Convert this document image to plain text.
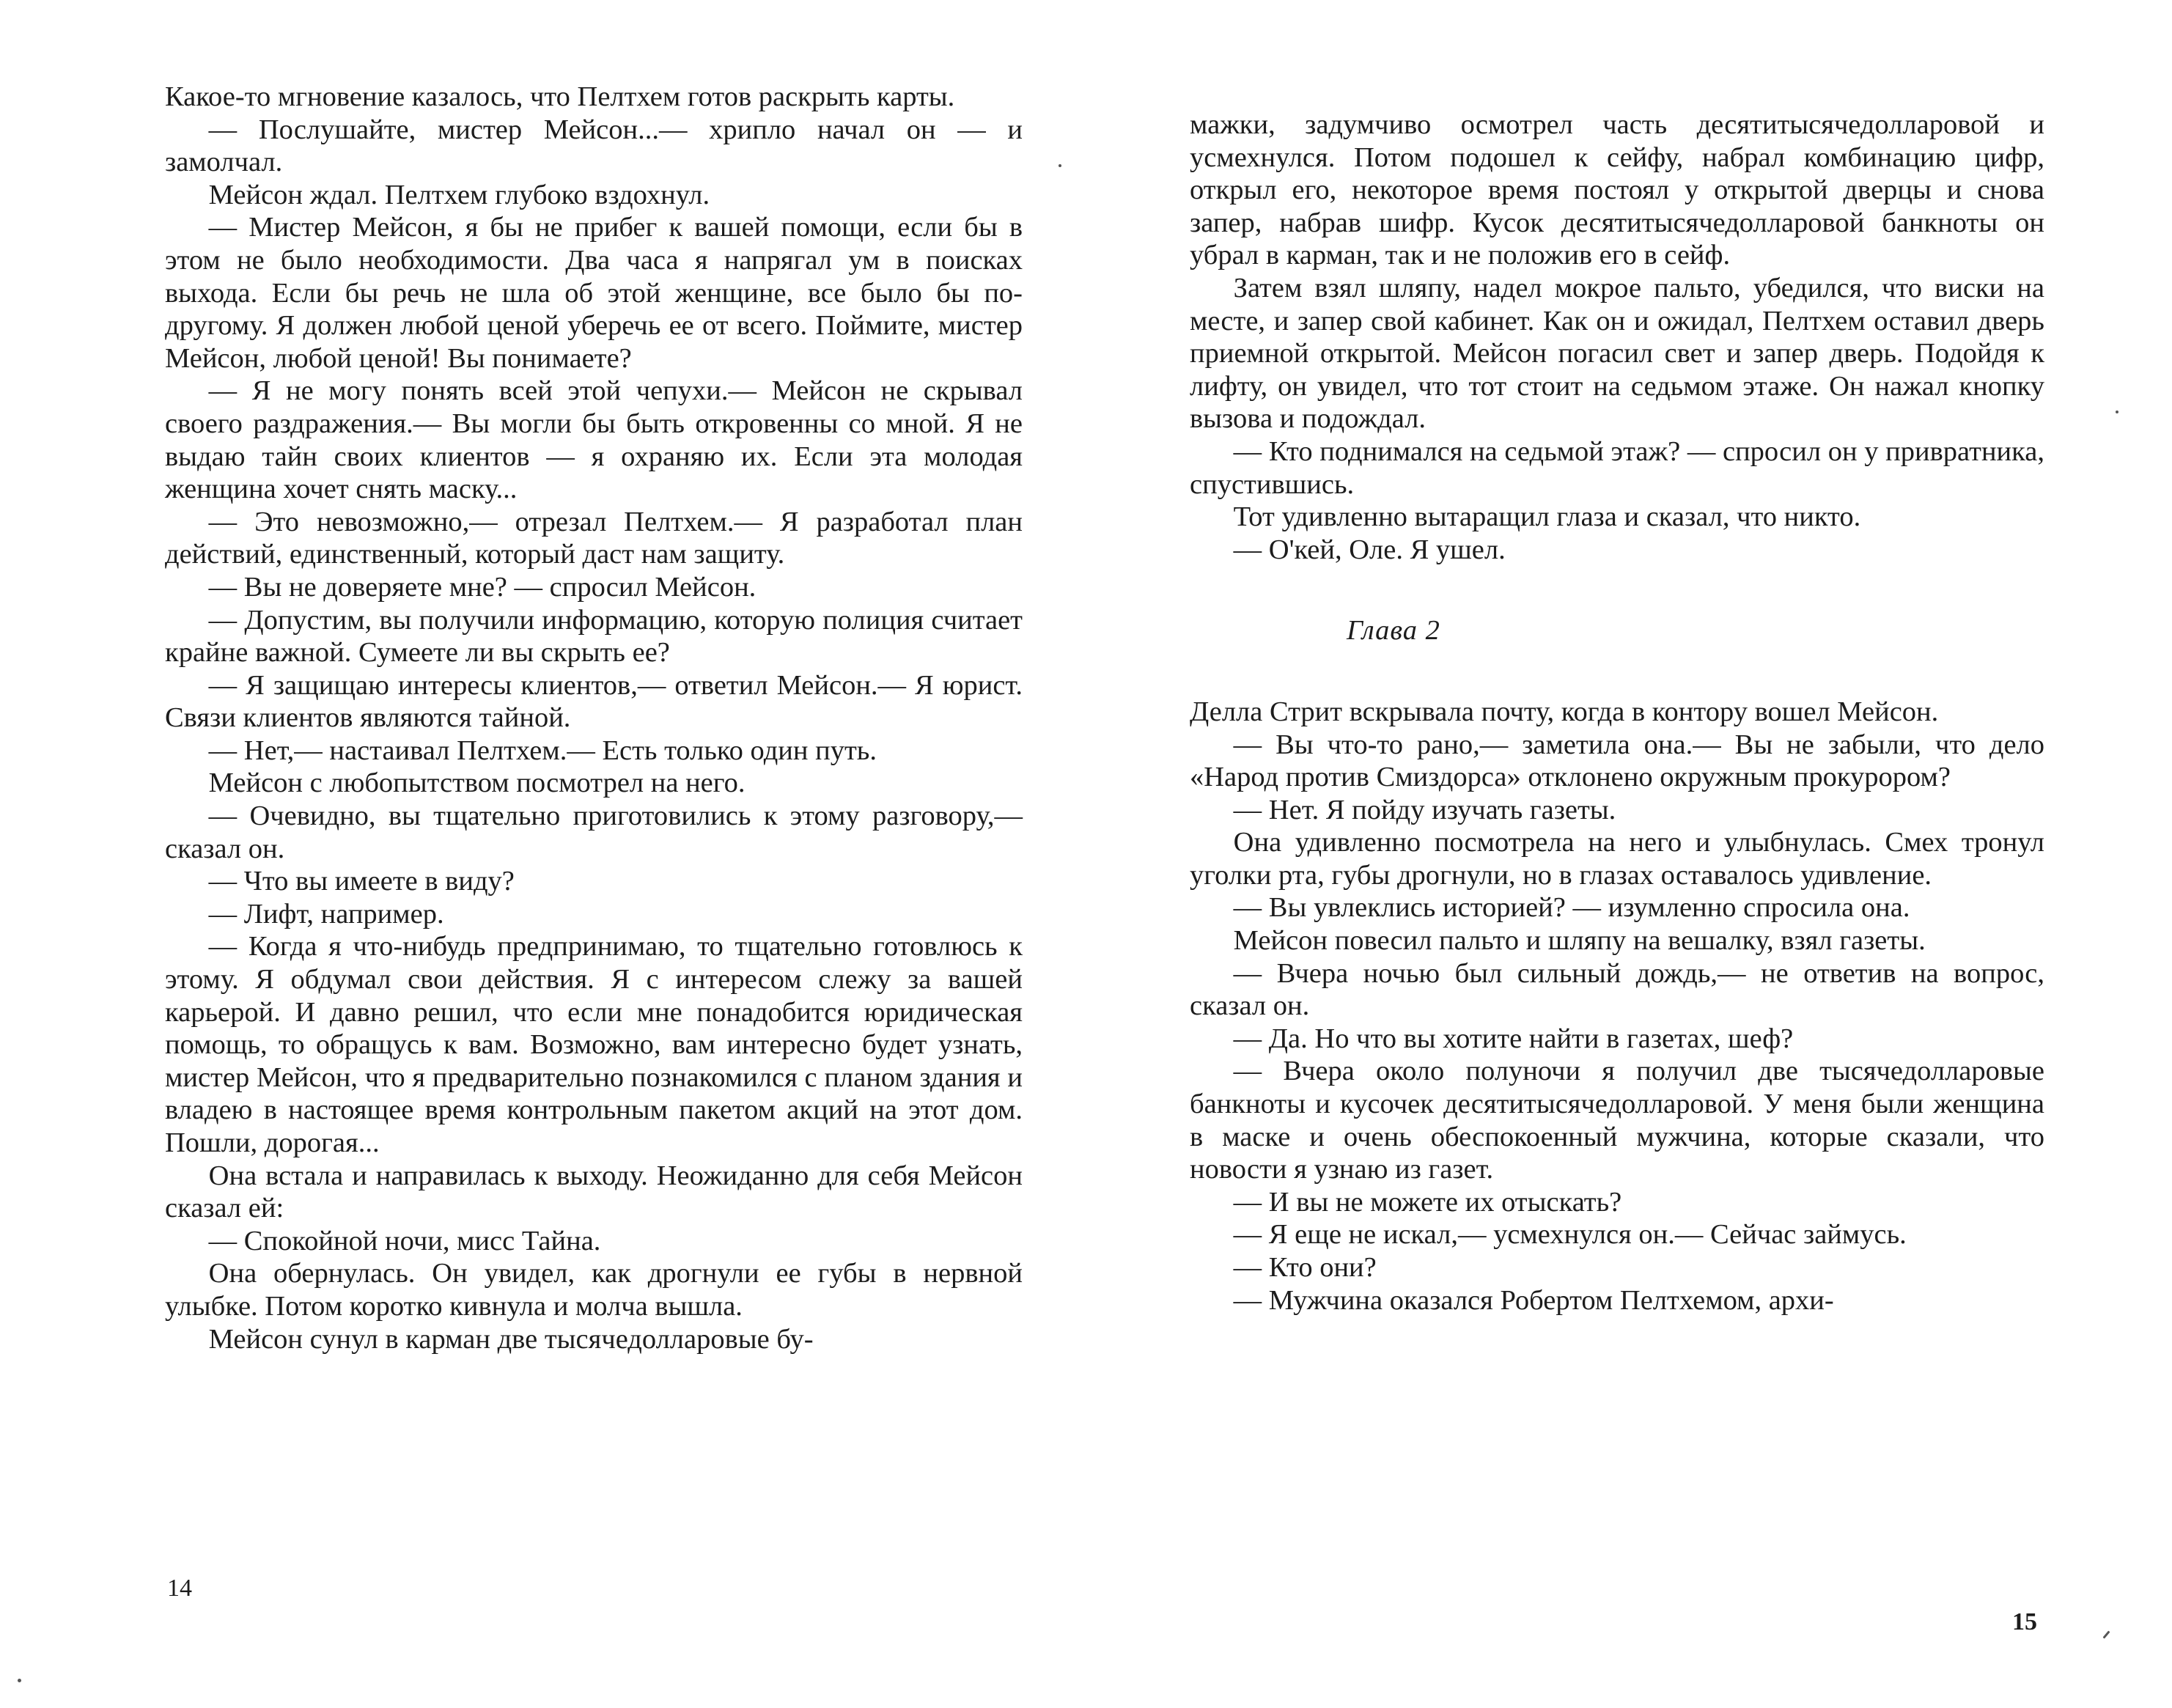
Какое-то мгновение казалось, что Пелтхем готов раскрыть карты.

— Послушайте, мистер Мейсон...— хрипло начал он — и замолчал.

Мейсон ждал. Пелтхем глубоко вздохнул.

— Мистер Мейсон, я бы не прибег к вашей помощи, если бы в этом не было необходимости. Два часа я напрягал ум в поисках выхода. Если бы речь не шла об этой женщине, все было бы по-другому. Я должен любой ценой уберечь ее от всего. Поймите, мистер Мейсон, любой ценой! Вы понимаете?

— Я не могу понять всей этой чепухи.— Мейсон не скрывал своего раздражения.— Вы могли бы быть откровенны со мной. Я не выдаю тайн своих клиентов — я охраняю их. Если эта молодая женщина хочет снять маску...

— Это невозможно,— отрезал Пелтхем.— Я разработал план действий, единственный, который даст нам защиту.

— Вы не доверяете мне? — спросил Мейсон.

— Допустим, вы получили информацию, которую полиция считает крайне важной. Сумеете ли вы скрыть ее?

— Я защищаю интересы клиентов,— ответил Мейсон.— Я юрист. Связи клиентов являются тайной.

— Нет,— настаивал Пелтхем.— Есть только один путь.

Мейсон с любопытством посмотрел на него.

— Очевидно, вы тщательно приготовились к этому разговору,— сказал он.

— Что вы имеете в виду?

— Лифт, например.

— Когда я что-нибудь предпринимаю, то тщательно готовлюсь к этому. Я обдумал свои действия. Я с интересом слежу за вашей карьерой. И давно решил, что если мне понадобится юридическая помощь, то обращусь к вам. Возможно, вам интересно будет узнать, мистер Мейсон, что я предварительно познакомился с планом здания и владею в настоящее время контрольным пакетом акций на этот дом. Пошли, дорогая...

Она встала и направилась к выходу. Неожиданно для себя Мейсон сказал ей:

— Спокойной ночи, мисс Тайна.

Она обернулась. Он увидел, как дрогнули ее губы в нервной улыбке. Потом коротко кивнула и молча вышла.

Мейсон сунул в карман две тысячедолларовые бу-

14

мажки, задумчиво осмотрел часть десятитысячедолларовой и усмехнулся. Потом подошел к сейфу, набрал комбинацию цифр, открыл его, некоторое время постоял у открытой дверцы и снова запер, набрав шифр. Кусок десятитысячедолларовой банкноты он убрал в карман, так и не положив его в сейф.

Затем взял шляпу, надел мокрое пальто, убедился, что виски на месте, и запер свой кабинет. Как он и ожидал, Пелтхем оставил дверь приемной открытой. Мейсон погасил свет и запер дверь. Подойдя к лифту, он увидел, что тот стоит на седьмом этаже. Он нажал кнопку вызова и подождал.

— Кто поднимался на седьмой этаж? — спросил он у привратника, спустившись.

Тот удивленно вытаращил глаза и сказал, что никто.

— О'кей, Оле. Я ушел.

Глава 2

Делла Стрит вскрывала почту, когда в контору вошел Мейсон.

— Вы что-то рано,— заметила она.— Вы не забыли, что дело «Народ против Смиздорса» отклонено окружным прокурором?

— Нет. Я пойду изучать газеты.

Она удивленно посмотрела на него и улыбнулась. Смех тронул уголки рта, губы дрогнули, но в глазах оставалось удивление.

— Вы увлеклись историей? — изумленно спросила она.

Мейсон повесил пальто и шляпу на вешалку, взял газеты.

— Вчера ночью был сильный дождь,— не ответив на вопрос, сказал он.

— Да. Но что вы хотите найти в газетах, шеф?

— Вчера около полуночи я получил две тысячедолларовые банкноты и кусочек десятитысячедолларовой. У меня были женщина в маске и очень обеспокоенный мужчина, которые сказали, что новости я узнаю из газет.

— И вы не можете их отыскать?

— Я еще не искал,— усмехнулся он.— Сейчас займусь.

— Кто они?

— Мужчина оказался Робертом Пелтхемом, архи-

15
